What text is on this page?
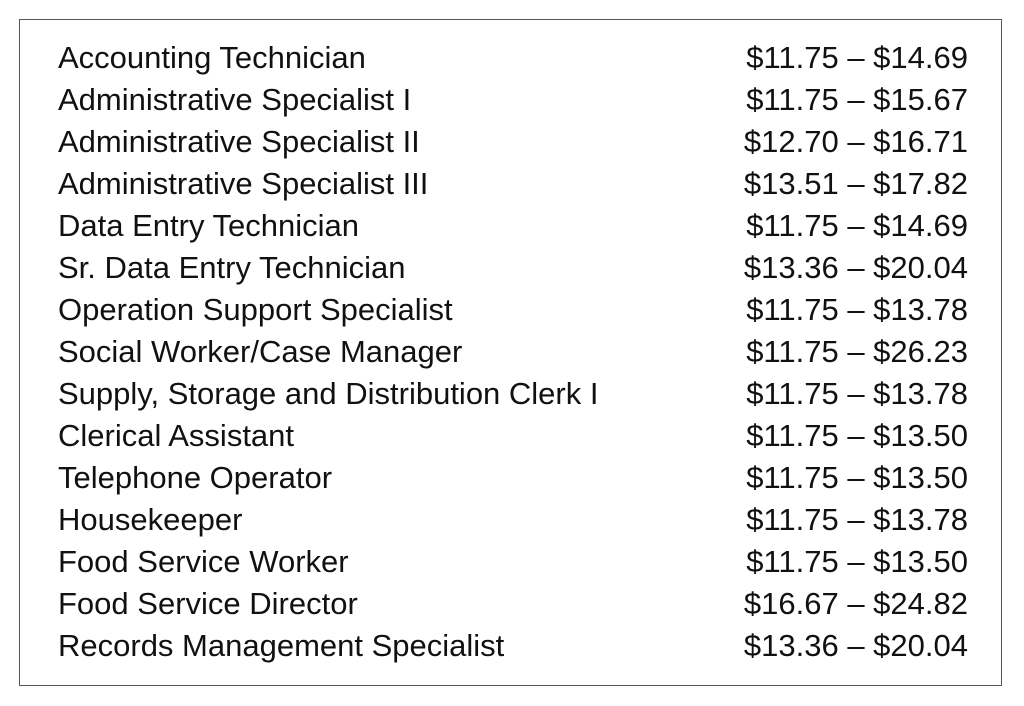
Accounting Technician	$11.75 – $14.69
Administrative Specialist I	$11.75 – $15.67
Administrative Specialist II	$12.70 – $16.71
Administrative Specialist III	$13.51 – $17.82
Data Entry Technician	$11.75 – $14.69
Sr. Data Entry Technician	$13.36 – $20.04
Operation Support Specialist	$11.75 – $13.78
Social Worker/Case Manager	$11.75 – $26.23
Supply, Storage and Distribution Clerk I	$11.75 – $13.78
Clerical Assistant	$11.75 – $13.50
Telephone Operator	$11.75 – $13.50
Housekeeper	$11.75 – $13.78
Food Service Worker	$11.75 – $13.50
Food Service Director	$16.67 – $24.82
Records Management Specialist	$13.36 – $20.04
